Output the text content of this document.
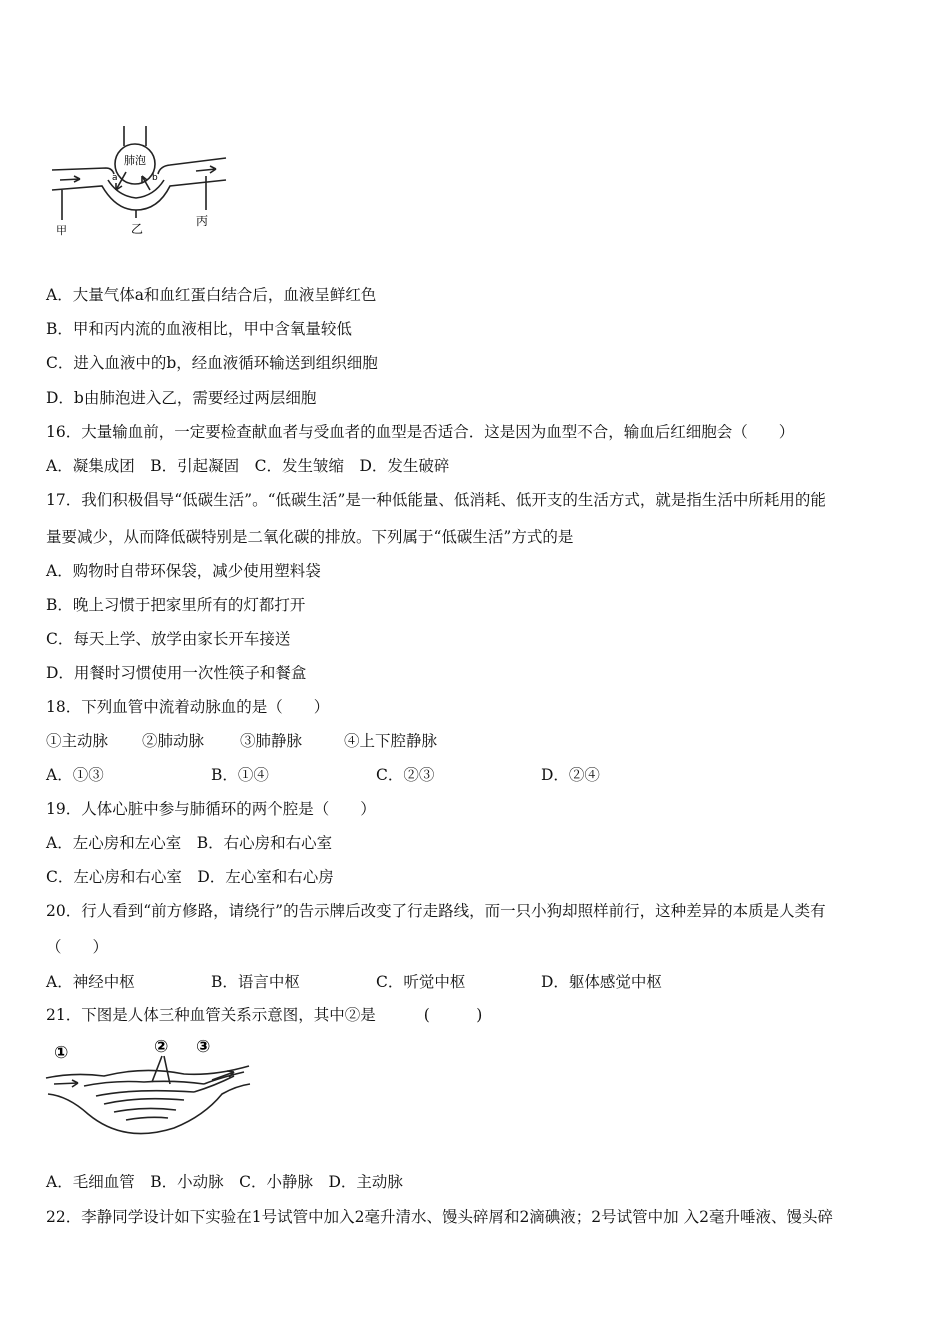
肺泡
a	b
甲	乙
丙
A．大量气体a和血红蛋白结合后，血液呈鲜红色
B．甲和丙内流的血液相比，甲中含氧量较低
C．进入血液中的b，经血液循环输送到组织细胞
D．b由肺泡进入乙，需要经过两层细胞
16．大量输血前，一定要检查献血者与受血者的血型是否适合．这是因为血型不合，输血后红细胞会（　　）
A．凝集成团　B．引起凝固　C．发生皱缩　D．发生破碎
17．我们积极倡导“低碳生活”。“低碳生活”是一种低能量、低消耗、低开支的生活方式，就是指生活中所耗用的能
量要减少，从而降低碳特别是二氧化碳的排放。下列属于“低碳生活”方式的是
A．购物时自带环保袋，减少使用塑料袋
B．晚上习惯于把家里所有的灯都打开
C．每天上学、放学由家长开车接送
D．用餐时习惯使用一次性筷子和餐盒
18．下列血管中流着动脉血的是（　　）
①主动脉 ②肺动脉 ③肺静脉	④上下腔静脉
A．①③	B．①④	C．②③	D．②④
19．人体心脏中参与肺循环的两个腔是（　　）
A．左心房和左心室　B．右心房和右心室
C．左心房和右心室　D．左心室和右心房
20．行人看到“前方修路，请绕行”的告示牌后改变了行走路线，而一只小狗却照样前行，这种差异的本质是人类有
（　　）
A．神经中枢	B．语言中枢	C．听觉中枢	D．躯体感觉中枢
21．下图是人体三种血管关系示意图，其中②是	(　　　)
①	② ③
A．毛细血管　B．小动脉　C．小静脉　D．主动脉
22．李静同学设计如下实验在1号试管中加入2毫升清水、馒头碎屑和2滴碘液；2号试管中加 入2毫升唾液、馒头碎
